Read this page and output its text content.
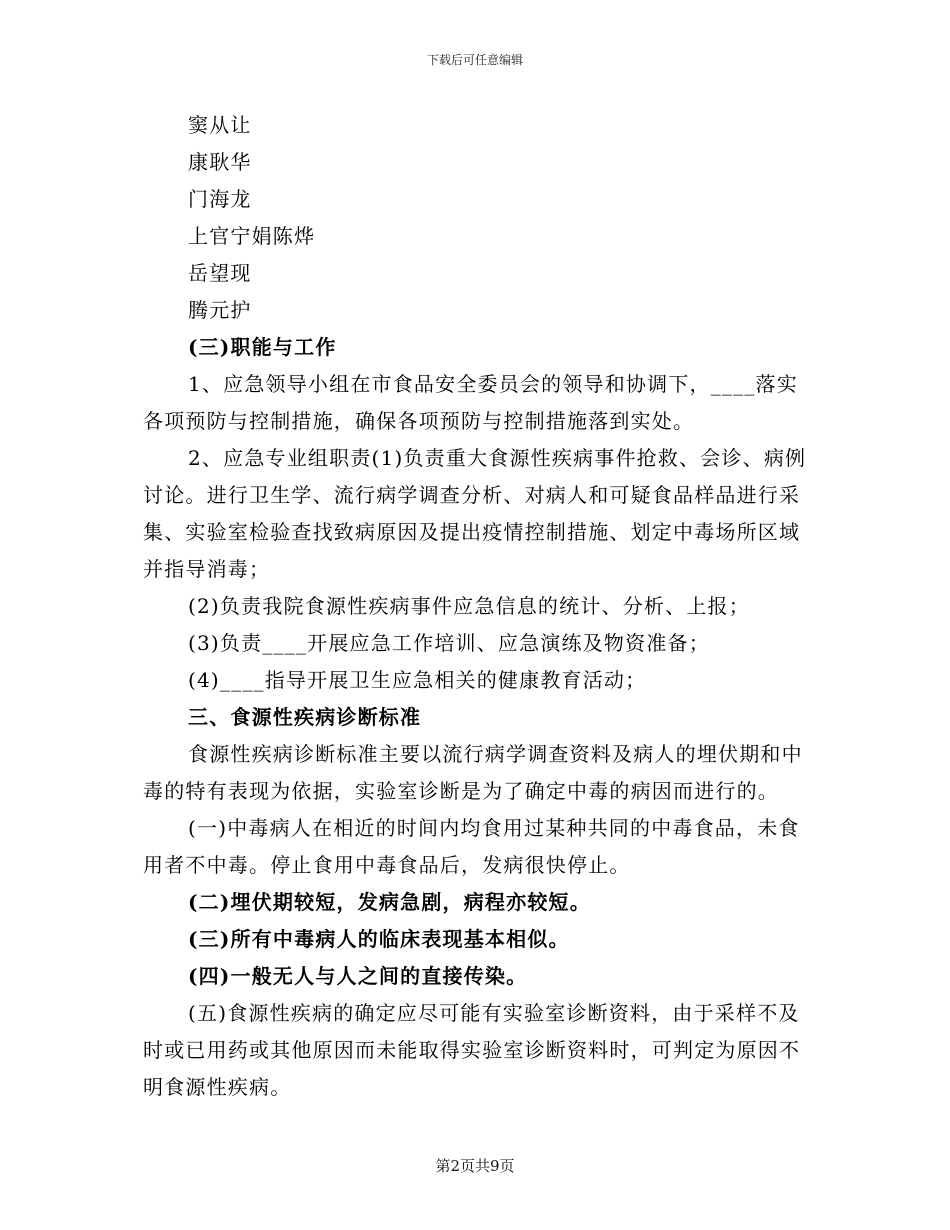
下载后可任意编辑

窦从让

康耿华

门海龙

上官宁娟陈烨

岳望现

腾元护

(三)职能与工作

1、应急领导小组在市食品安全委员会的领导和协调下，____落实各项预防与控制措施，确保各项预防与控制措施落到实处。

2、应急专业组职责(1)负责重大食源性疾病事件抢救、会诊、病例讨论。进行卫生学、流行病学调查分析、对病人和可疑食品样品进行采集、实验室检验查找致病原因及提出疫情控制措施、划定中毒场所区域并指导消毒；

(2)负责我院食源性疾病事件应急信息的统计、分析、上报；

(3)负责____开展应急工作培训、应急演练及物资准备；

(4)____指导开展卫生应急相关的健康教育活动；

三、食源性疾病诊断标准

食源性疾病诊断标准主要以流行病学调查资料及病人的埋伏期和中毒的特有表现为依据，实验室诊断是为了确定中毒的病因而进行的。

(一)中毒病人在相近的时间内均食用过某种共同的中毒食品，未食用者不中毒。停止食用中毒食品后，发病很快停止。

(二)埋伏期较短，发病急剧，病程亦较短。

(三)所有中毒病人的临床表现基本相似。

(四)一般无人与人之间的直接传染。

(五)食源性疾病的确定应尽可能有实验室诊断资料，由于采样不及时或已用药或其他原因而未能取得实验室诊断资料时，可判定为原因不明食源性疾病。

第2页共9页
